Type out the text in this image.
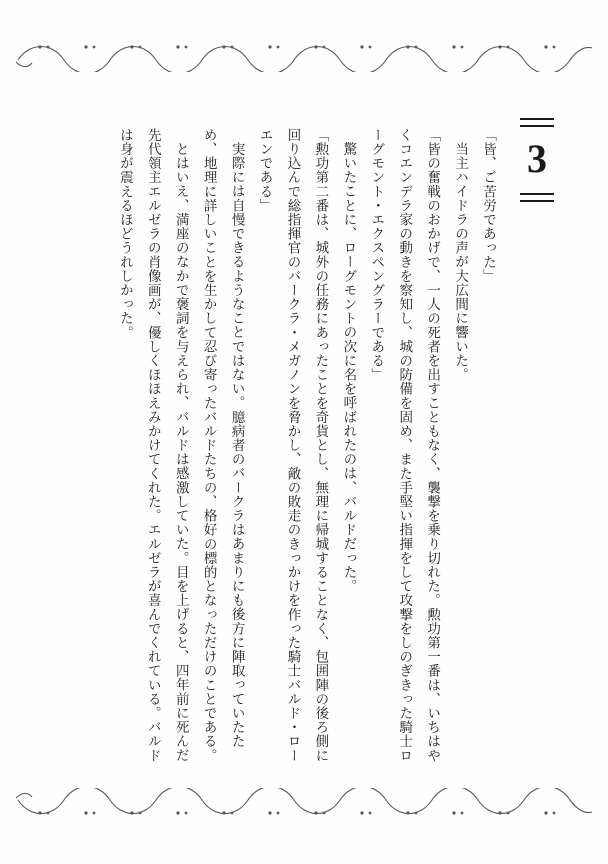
3

「皆、ご苦労であった」

当主ハイドラの声が大広間に響いた。

「皆の奮戦のおかげで、一人の死者を出すこともなく、襲撃を乗り切れた。勲功第一番は、いちはやくコエンデラ家の動きを察知し、城の防備を固め、また手堅い指揮をして攻撃をしのぎきった騎士ローグモント・エクスペングラーである」

驚いたことに、ローグモントの次に名を呼ばれたのは、バルドだった。

「勲功第二番は、城外の任務にあったことを奇貨とし、無理に帰城することなく、包囲陣の後ろ側に回り込んで総指揮官のバークラ・メガノンを脅かし、敵の敗走のきっかけを作った騎士バルド・ローエンである」

実際には自慢できるようなことではない。臆病者のバークラはあまりにも後方に陣取っていたため、地理に詳しいことを生かして忍び寄ったバルドたちの、格好の標的となっただけのことである。

とはいえ、満座のなかで褒詞を与えられ、バルドは感激していた。目を上げると、四年前に死んだ先代領主エルゼラの肖像画が、優しくほほえみかけてくれた。エルゼラが喜んでくれている。バルドは身が震えるほどうれしかった。
